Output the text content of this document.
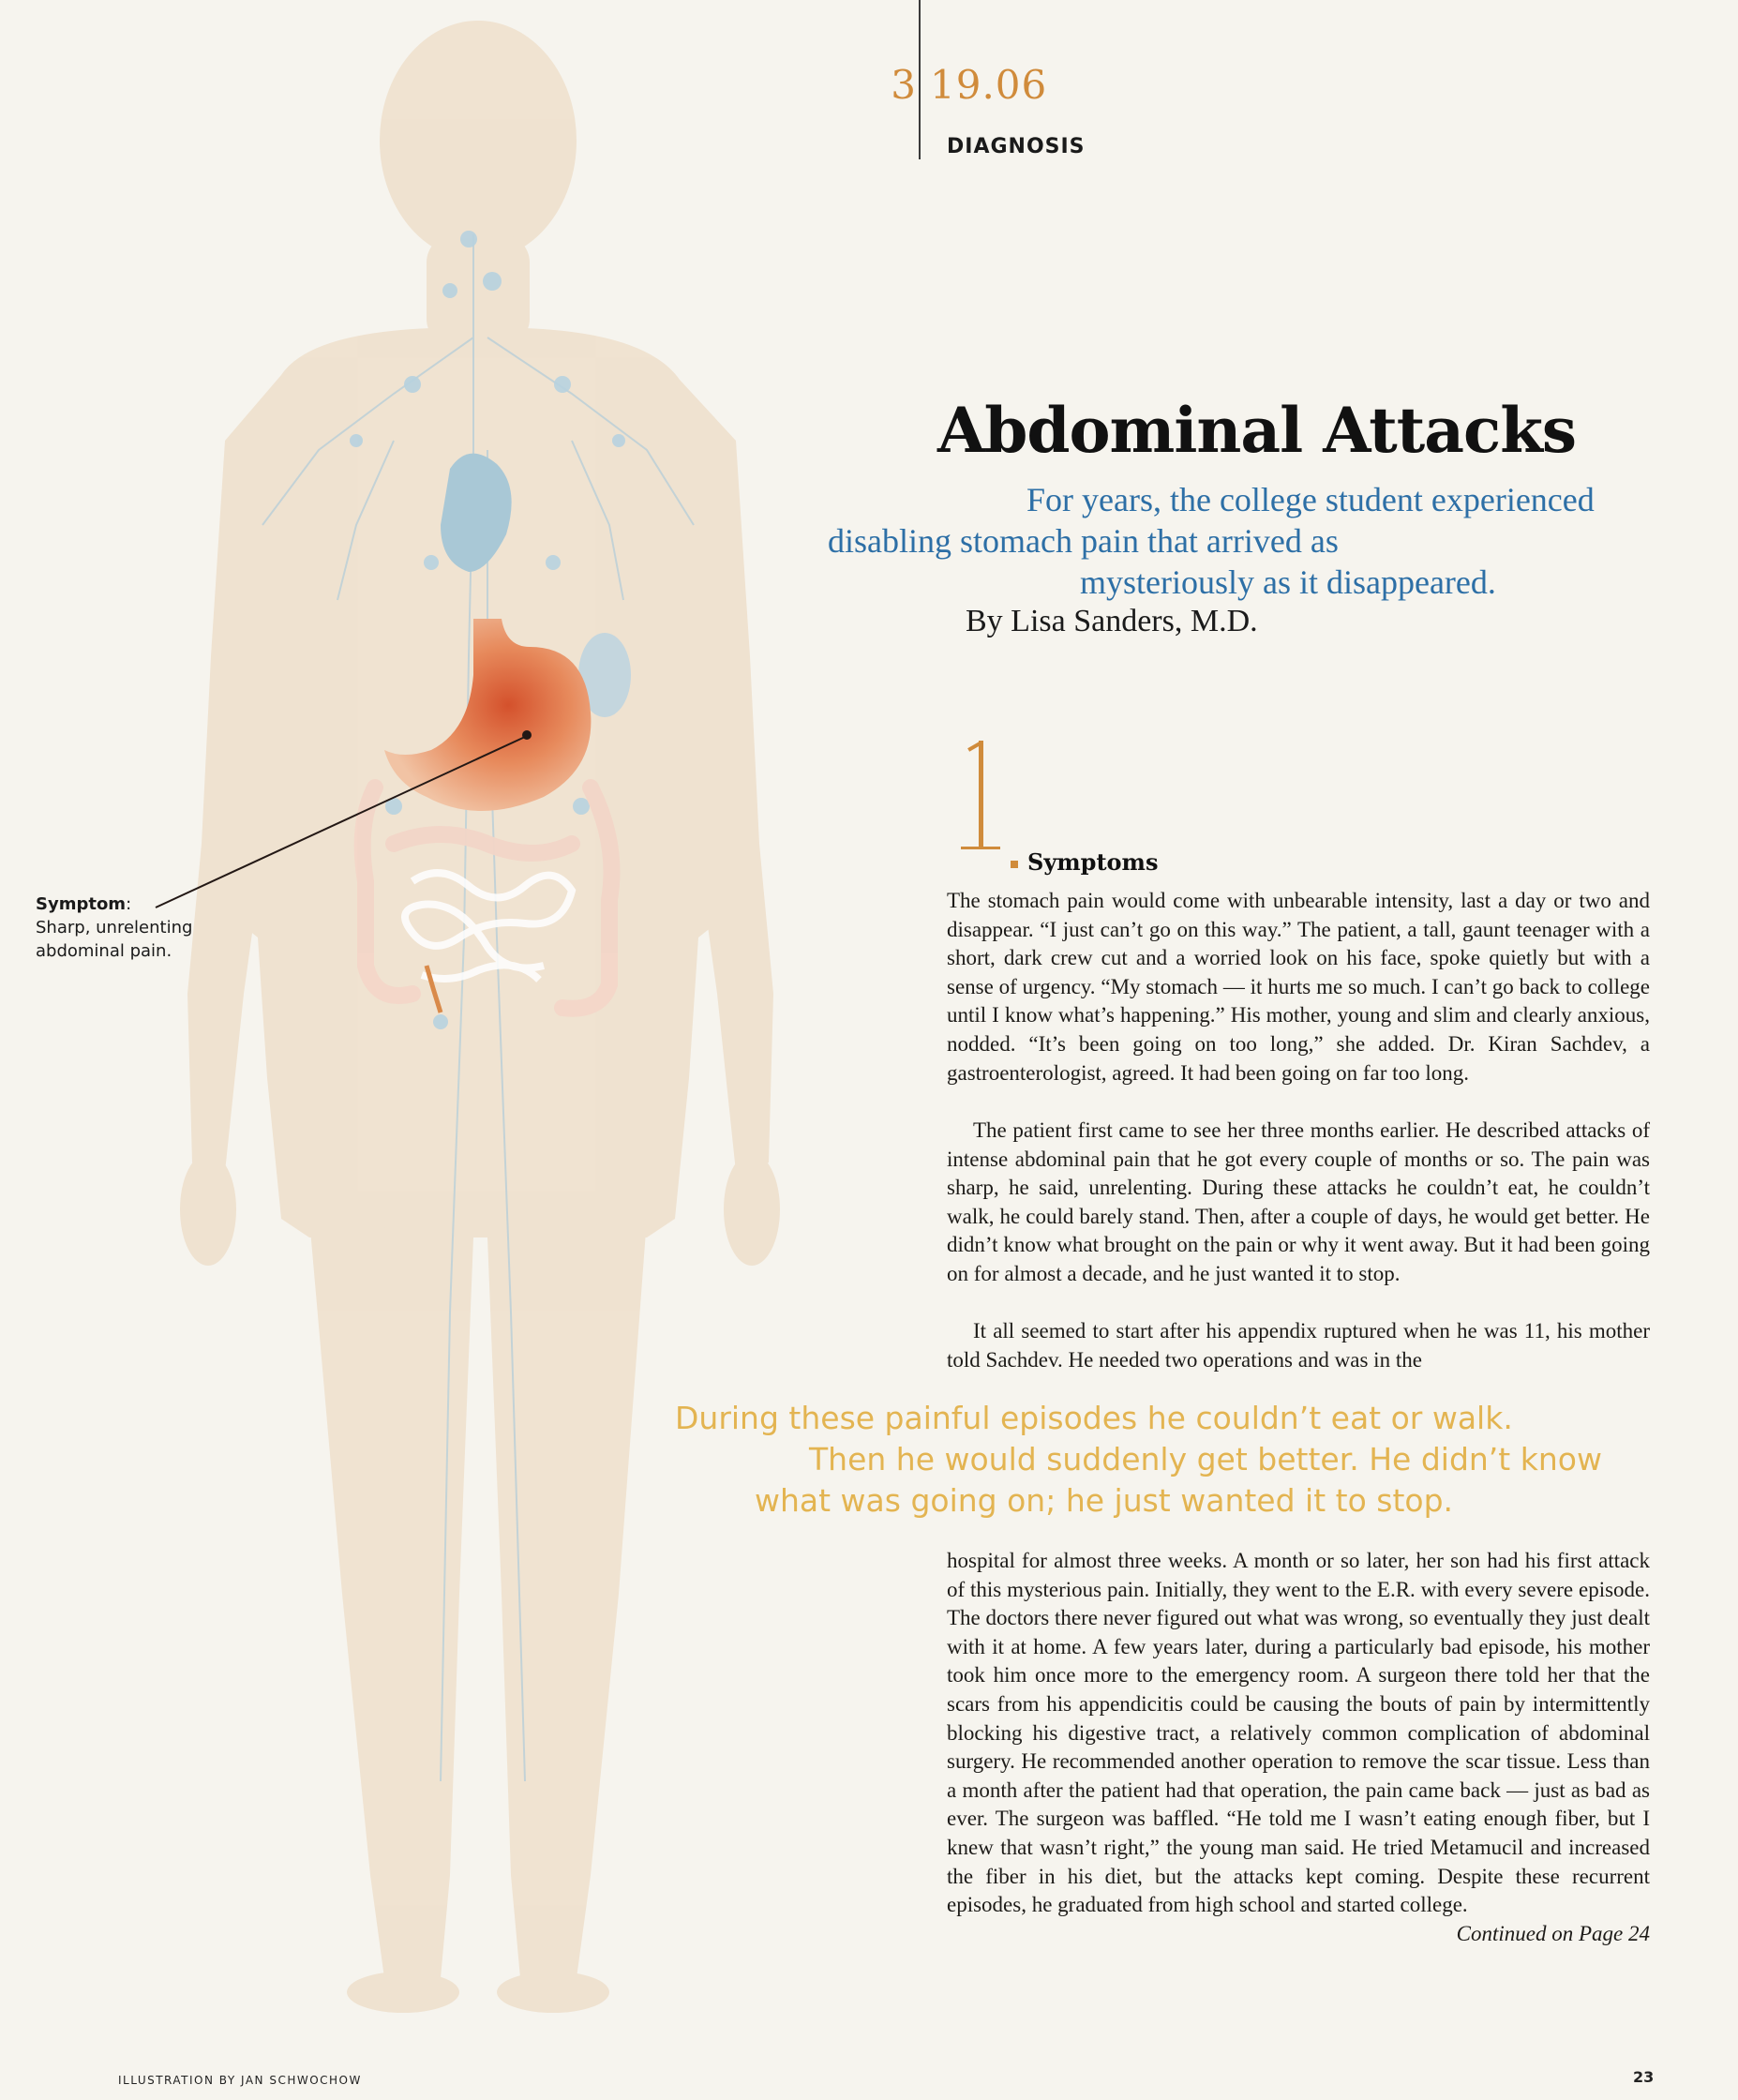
3 19.06
DIAGNOSIS
Abdominal Attacks
For years, the college student experienced
disabling stomach pain that arrived as
mysteriously as it disappeared.
By Lisa Sanders, M.D.
Symptoms

The stomach pain would come with unbearable intensity, last a day or two and disappear. “I just can’t go on this way.” The patient, a tall, gaunt teenager with a short, dark crew cut and a worried look on his face, spoke quietly but with a sense of urgency. “My stomach — it hurts me so much. I can’t go back to college until I know what’s happening.” His mother, young and slim and clearly anxious, nodded. “It’s been going on too long,” she added. Dr. Kiran Sachdev, a gastroenterologist, agreed. It had been going on far too long.

The patient first came to see her three months earlier. He described attacks of intense abdominal pain that he got every couple of months or so. The pain was sharp, he said, unrelenting. During these attacks he couldn’t eat, he couldn’t walk, he could barely stand. Then, after a couple of days, he would get better. He didn’t know what brought on the pain or why it went away. But it had been going on for almost a decade, and he just wanted it to stop.

It all seemed to start after his appendix ruptured when he was 11, his mother told Sachdev. He needed two operations and was in the

During these painful episodes he couldn’t eat or walk.
Then he would suddenly get better. He didn’t know
what was going on; he just wanted it to stop.

hospital for almost three weeks. A month or so later, her son had his first attack of this mysterious pain. Initially, they went to the E.R. with every severe episode. The doctors there never figured out what was wrong, so eventually they just dealt with it at home. A few years later, during a particularly bad episode, his mother took him once more to the emergency room. A surgeon there told her that the scars from his appendicitis could be causing the bouts of pain by intermittently blocking his digestive tract, a relatively common complication of abdominal surgery. He recommended another operation to remove the scar tissue. Less than a month after the patient had that operation, the pain came back — just as bad as ever. The surgeon was baffled. “He told me I wasn’t eating enough fiber, but I knew that wasn’t right,” the young man said. He tried Metamucil and increased the fiber in his diet, but the attacks kept coming. Despite these recurrent episodes, he graduated from high school and started college.
Continued on Page 24

Symptom:
Sharp, unrelenting
abdominal pain.
ILLUSTRATION BY JAN SCHWOCHOW	23
